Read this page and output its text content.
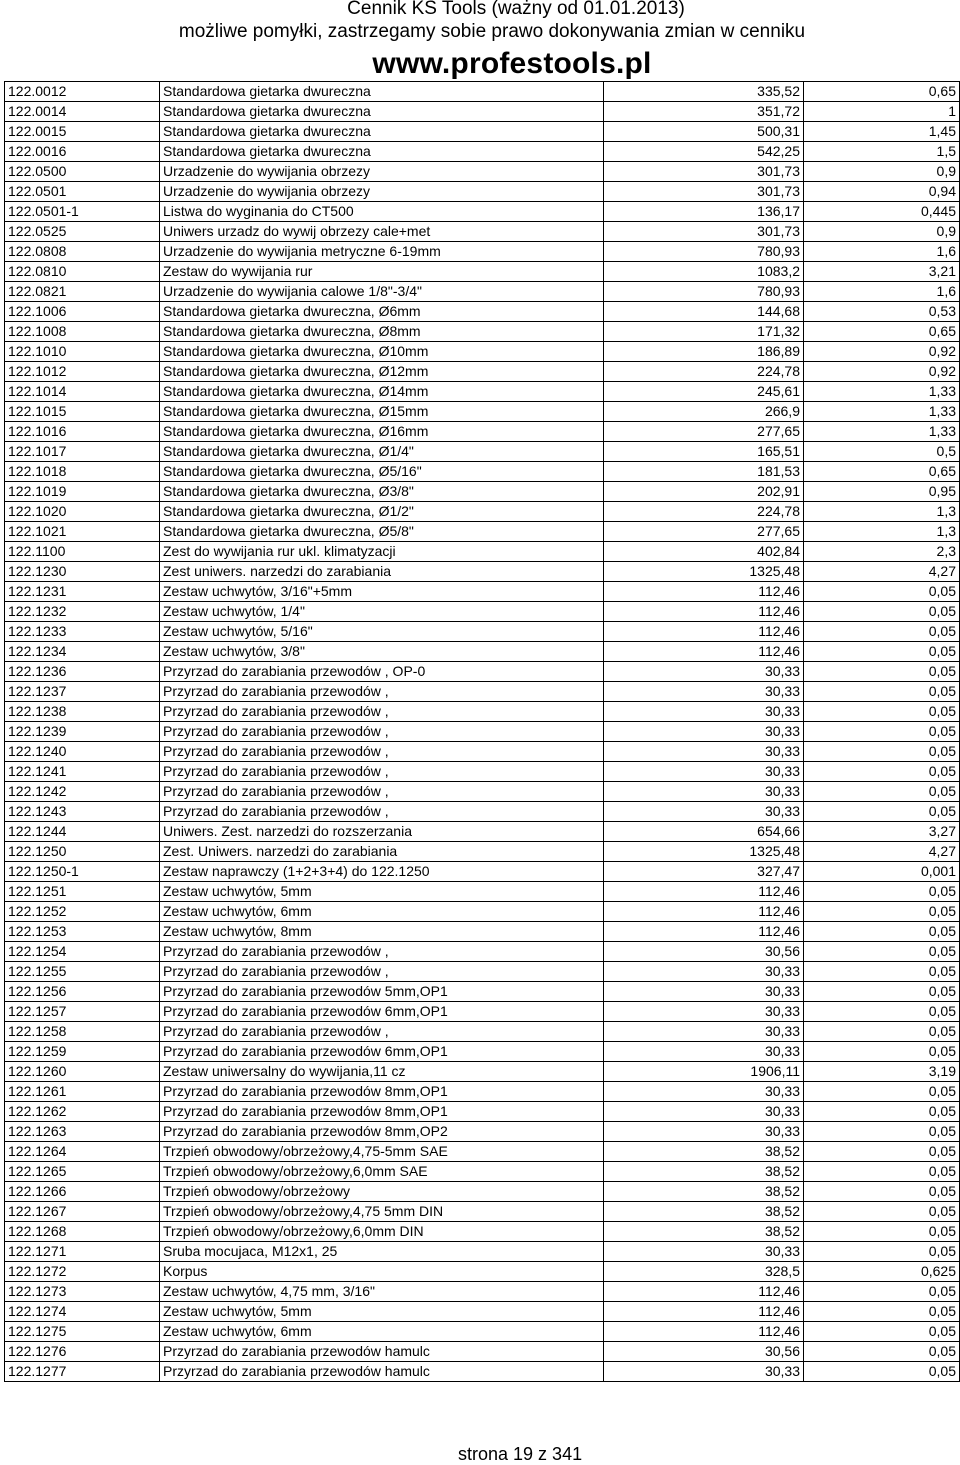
Cennik KS Tools (ważny od 01.01.2013)
możliwe pomyłki, zastrzegamy sobie prawo dokonywania zmian w cenniku
www.profestools.pl
122.0012	Standardowa gietarka dwureczna	335,52	0,65
122.0014	Standardowa gietarka dwureczna	351,72	1
122.0015	Standardowa gietarka dwureczna	500,31	1,45
122.0016	Standardowa gietarka dwureczna	542,25	1,5
122.0500	Urzadzenie do wywijania obrzezy	301,73	0,9
122.0501	Urzadzenie do wywijania obrzezy	301,73	0,94
122.0501-1	Listwa do wyginania do CT500	136,17	0,445
122.0525	Uniwers urzadz do wywij obrzezy cale+met	301,73	0,9
122.0808	Urzadzenie do wywijania metryczne 6-19mm	780,93	1,6
122.0810	Zestaw do wywijania rur	1083,2	3,21
122.0821	Urzadzenie do wywijania calowe 1/8"-3/4"	780,93	1,6
122.1006	Standardowa gietarka dwureczna, Ø6mm	144,68	0,53
122.1008	Standardowa gietarka dwureczna, Ø8mm	171,32	0,65
122.1010	Standardowa gietarka dwureczna, Ø10mm	186,89	0,92
122.1012	Standardowa gietarka dwureczna, Ø12mm	224,78	0,92
122.1014	Standardowa gietarka dwureczna, Ø14mm	245,61	1,33
122.1015	Standardowa gietarka dwureczna, Ø15mm	266,9	1,33
122.1016	Standardowa gietarka dwureczna, Ø16mm	277,65	1,33
122.1017	Standardowa gietarka dwureczna, Ø1/4"	165,51	0,5
122.1018	Standardowa gietarka dwureczna, Ø5/16"	181,53	0,65
122.1019	Standardowa gietarka dwureczna, Ø3/8"	202,91	0,95
122.1020	Standardowa gietarka dwureczna, Ø1/2"	224,78	1,3
122.1021	Standardowa gietarka dwureczna, Ø5/8"	277,65	1,3
122.1100	Zest do wywijania rur ukl. klimatyzacji	402,84	2,3
122.1230	Zest uniwers. narzedzi do zarabiania	1325,48	4,27
122.1231	Zestaw uchwytów, 3/16"+5mm	112,46	0,05
122.1232	Zestaw uchwytów, 1/4"	112,46	0,05
122.1233	Zestaw uchwytów, 5/16"	112,46	0,05
122.1234	Zestaw uchwytów, 3/8"	112,46	0,05
122.1236	Przyrzad do zarabiania przewodów , OP-0	30,33	0,05
122.1237	Przyrzad do zarabiania przewodów ,	30,33	0,05
122.1238	Przyrzad do zarabiania przewodów ,	30,33	0,05
122.1239	Przyrzad do zarabiania przewodów ,	30,33	0,05
122.1240	Przyrzad do zarabiania przewodów ,	30,33	0,05
122.1241	Przyrzad do zarabiania przewodów ,	30,33	0,05
122.1242	Przyrzad do zarabiania przewodów ,	30,33	0,05
122.1243	Przyrzad do zarabiania przewodów ,	30,33	0,05
122.1244	Uniwers. Zest. narzedzi do rozszerzania	654,66	3,27
122.1250	Zest. Uniwers. narzedzi do zarabiania	1325,48	4,27
122.1250-1	Zestaw naprawczy (1+2+3+4) do 122.1250	327,47	0,001
122.1251	Zestaw uchwytów, 5mm	112,46	0,05
122.1252	Zestaw uchwytów, 6mm	112,46	0,05
122.1253	Zestaw uchwytów, 8mm	112,46	0,05
122.1254	Przyrzad do zarabiania przewodów ,	30,56	0,05
122.1255	Przyrzad do zarabiania przewodów ,	30,33	0,05
122.1256	Przyrzad do zarabiania przewodów 5mm,OP1	30,33	0,05
122.1257	Przyrzad do zarabiania przewodów 6mm,OP1	30,33	0,05
122.1258	Przyrzad do zarabiania przewodów ,	30,33	0,05
122.1259	Przyrzad do zarabiania przewodów 6mm,OP1	30,33	0,05
122.1260	Zestaw uniwersalny do wywijania,11 cz	1906,11	3,19
122.1261	Przyrzad do zarabiania przewodów 8mm,OP1	30,33	0,05
122.1262	Przyrzad do zarabiania przewodów 8mm,OP1	30,33	0,05
122.1263	Przyrzad do zarabiania przewodów 8mm,OP2	30,33	0,05
122.1264	Trzpień obwodowy/obrzeżowy,4,75-5mm SAE	38,52	0,05
122.1265	Trzpień obwodowy/obrzeżowy,6,0mm SAE	38,52	0,05
122.1266	Trzpień obwodowy/obrzeżowy	38,52	0,05
122.1267	Trzpień obwodowy/obrzeżowy,4,75 5mm DIN	38,52	0,05
122.1268	Trzpień obwodowy/obrzeżowy,6,0mm DIN	38,52	0,05
122.1271	Sruba mocujaca, M12x1, 25	30,33	0,05
122.1272	Korpus	328,5	0,625
122.1273	Zestaw uchwytów, 4,75 mm, 3/16"	112,46	0,05
122.1274	Zestaw uchwytów, 5mm	112,46	0,05
122.1275	Zestaw uchwytów, 6mm	112,46	0,05
122.1276	Przyrzad do zarabiania przewodów hamulc	30,56	0,05
122.1277	Przyrzad do zarabiania przewodów hamulc	30,33	0,05
strona 19 z 341
